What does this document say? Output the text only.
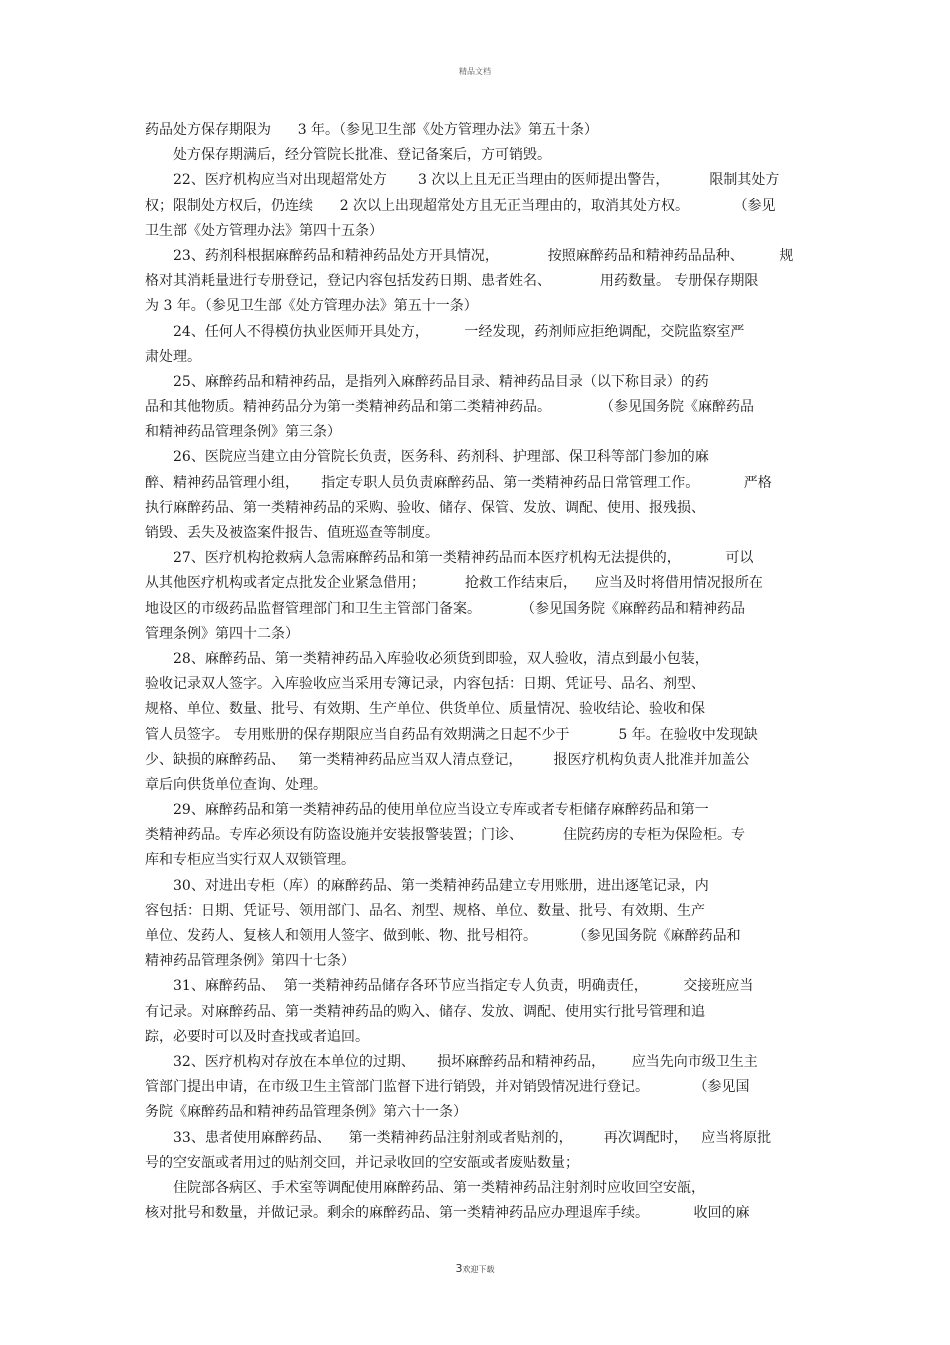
精品文档
药品处方保存期限为      3 年。（参见卫生部《处方管理办法》第五十条）
处方保存期满后，经分管院长批准、登记备案后，方可销毁。
22、医疗机构应当对出现超常处方       3 次以上且无正当理由的医师提出警告，         限制其处方
权；限制处方权后，仍连续      2 次以上出现超常处方且无正当理由的，取消其处方权。          （参见
卫生部《处方管理办法》第四十五条）
23、药剂科根据麻醉药品和精神药品处方开具情况，           按照麻醉药品和精神药品品种、        规
格对其消耗量进行专册登记，登记内容包括发药日期、患者姓名、           用药数量。 专册保存期限
为 3 年。（参见卫生部《处方管理办法》第五十一条）
24、任何人不得模仿执业医师开具处方，        一经发现，药剂师应拒绝调配，交院监察室严
肃处理。
25、麻醉药品和精神药品，是指列入麻醉药品目录、精神药品目录（以下称目录）的药
品和其他物质。精神药品分为第一类精神药品和第二类精神药品。           （参见国务院《麻醉药品
和精神药品管理条例》第三条）
26、医院应当建立由分管院长负责，医务科、药剂科、护理部、保卫科等部门参加的麻
醉、精神药品管理小组，     指定专职人员负责麻醉药品、第一类精神药品日常管理工作。          严格
执行麻醉药品、第一类精神药品的采购、验收、储存、保管、发放、调配、使用、报残损、
销毁、丢失及被盗案件报告、值班巡查等制度。
27、医疗机构抢救病人急需麻醉药品和第一类精神药品而本医疗机构无法提供的，          可以
从其他医疗机构或者定点批发企业紧急借用；         抢救工作结束后，    应当及时将借用情况报所在
地设区的市级药品监督管理部门和卫生主管部门备案。         （参见国务院《麻醉药品和精神药品
管理条例》第四十二条）
28、麻醉药品、第一类精神药品入库验收必须货到即验，双人验收，清点到最小包装，
验收记录双人签字。入库验收应当采用专簿记录，内容包括：日期、凭证号、品名、剂型、
规格、单位、数量、批号、有效期、生产单位、供货单位、质量情况、验收结论、验收和保
管人员签字。 专用账册的保存期限应当自药品有效期满之日起不少于           5 年。在验收中发现缺
少、缺损的麻醉药品、   第一类精神药品应当双人清点登记，       报医疗机构负责人批准并加盖公
章后向供货单位查询、处理。
29、麻醉药品和第一类精神药品的使用单位应当设立专库或者专柜储存麻醉药品和第一
类精神药品。专库必须设有防盗设施并安装报警装置；门诊、         住院药房的专柜为保险柜。专
库和专柜应当实行双人双锁管理。
30、对进出专柜（库）的麻醉药品、第一类精神药品建立专用账册，进出逐笔记录，内
容包括：日期、凭证号、领用部门、品名、剂型、规格、单位、数量、批号、有效期、生产
单位、发药人、复核人和领用人签字、做到帐、物、批号相符。        （参见国务院《麻醉药品和
精神药品管理条例》第四十七条）
31、麻醉药品、  第一类精神药品储存各环节应当指定专人负责，明确责任，        交接班应当
有记录。对麻醉药品、第一类精神药品的购入、储存、发放、调配、使用实行批号管理和追
踪，必要时可以及时查找或者追回。
32、医疗机构对存放在本单位的过期、     损坏麻醉药品和精神药品，      应当先向市级卫生主
管部门提出申请，在市级卫生主管部门监督下进行销毁，并对销毁情况进行登记。          （参见国
务院《麻醉药品和精神药品管理条例》第六十一条）
33、患者使用麻醉药品、    第一类精神药品注射剂或者贴剂的，       再次调配时，   应当将原批
号的空安瓿或者用过的贴剂交回，并记录收回的空安瓿或者废贴数量；
住院部各病区、手术室等调配使用麻醉药品、第一类精神药品注射剂时应收回空安瓿，
核对批号和数量，并做记录。剩余的麻醉药品、第一类精神药品应办理退库手续。          收回的麻
3欢迎下载
